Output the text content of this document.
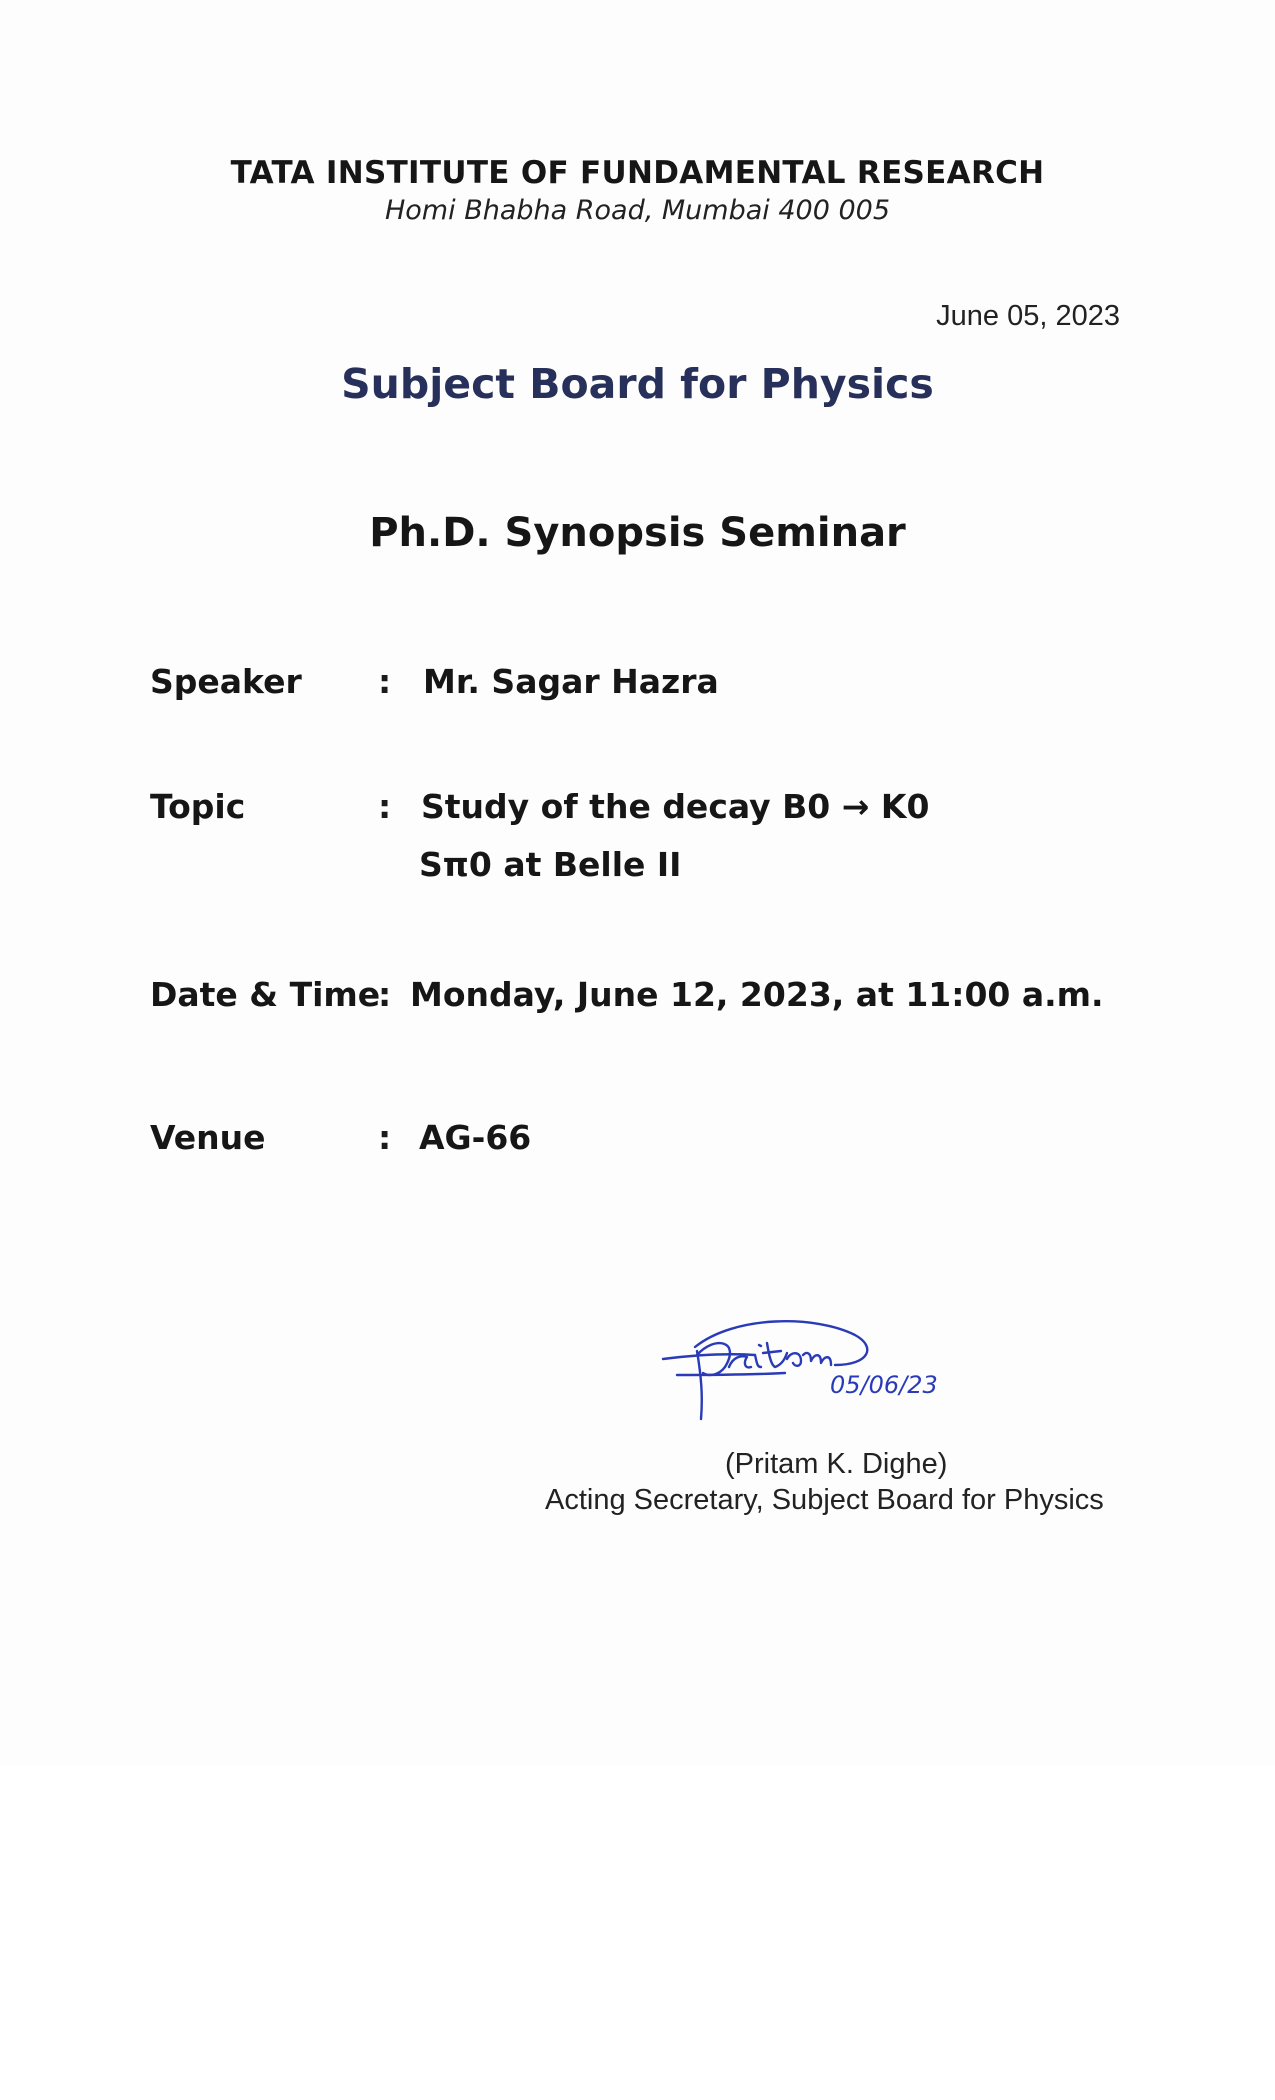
TATA INSTITUTE OF FUNDAMENTAL RESEARCH
Homi Bhabha Road, Mumbai 400 005
June 05, 2023
Subject Board for Physics
Ph.D. Synopsis Seminar
Speaker : Mr. Sagar Hazra
Topic	: Study of the decay B0 → K0
Sπ0 at Belle II
Date & Time
: Monday, June 12, 2023, at 11:00 a.m.
Venue	: AG-66
05/06/23
(Pritam K. Dighe)
Acting Secretary, Subject Board for Physics
